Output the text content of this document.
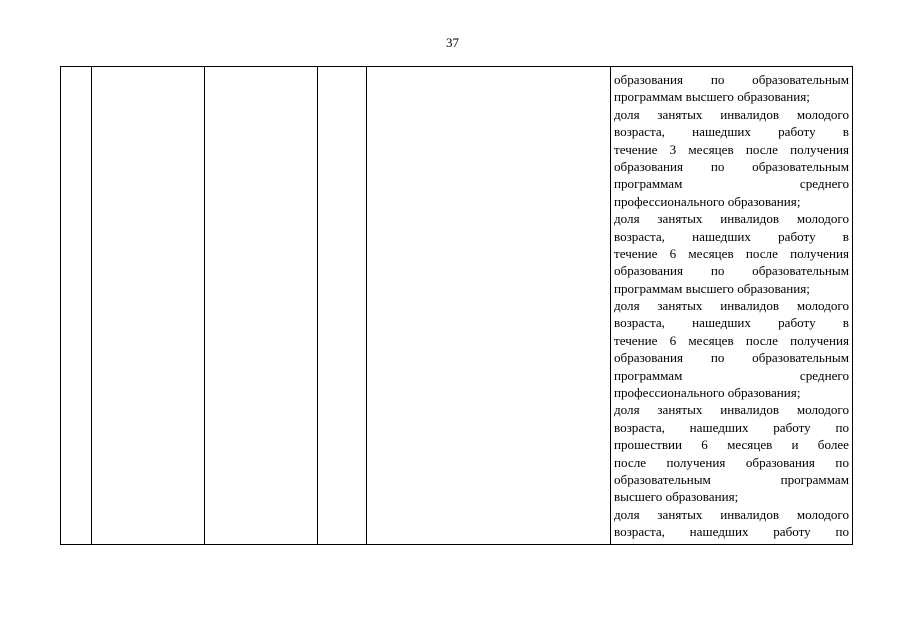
37

образования по образовательным
программам высшего образования;
доля занятых инвалидов молодого
возраста, нашедших работу в
течение 3 месяцев после получения
образования по образовательным
программам среднего
профессионального образования;
доля занятых инвалидов молодого
возраста, нашедших работу в
течение 6 месяцев после получения
образования по образовательным
программам высшего образования;
доля занятых инвалидов молодого
возраста, нашедших работу в
течение 6 месяцев после получения
образования по образовательным
программам среднего
профессионального образования;
доля занятых инвалидов молодого
возраста, нашедших работу по
прошествии 6 месяцев и более
после получения образования по
образовательным программам
высшего образования;
доля занятых инвалидов молодого
возраста, нашедших работу по
